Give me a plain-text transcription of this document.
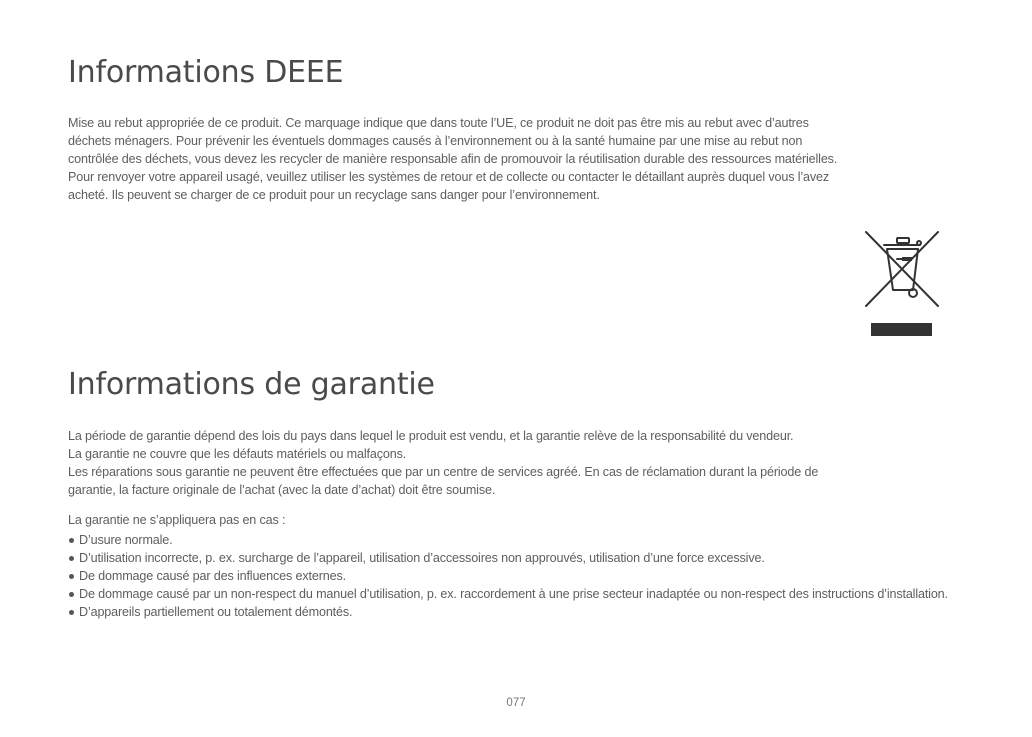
Informations DEEE

Mise au rebut appropriée de ce produit. Ce marquage indique que dans toute l’UE, ce produit ne doit pas être mis au rebut avec d’autres
déchets ménagers. Pour prévenir les éventuels dommages causés à l’environnement ou à la santé humaine par une mise au rebut non
contrôlée des déchets, vous devez les recycler de manière responsable afin de promouvoir la réutilisation durable des ressources matérielles.
Pour renvoyer votre appareil usagé, veuillez utiliser les systèmes de retour et de collecte ou contacter le détaillant auprès duquel vous l’avez
acheté. Ils peuvent se charger de ce produit pour un recyclage sans danger pour l’environnement.

Informations de garantie

La période de garantie dépend des lois du pays dans lequel le produit est vendu, et la garantie relève de la responsabilité du vendeur.
La garantie ne couvre que les défauts matériels ou malfaçons.
Les réparations sous garantie ne peuvent être effectuées que par un centre de services agréé. En cas de réclamation durant la période de
garantie, la facture originale de l’achat (avec la date d’achat) doit être soumise.

La garantie ne s’appliquera pas en cas :

D’usure normale.
D’utilisation incorrecte, p. ex. surcharge de l’appareil, utilisation d’accessoires non approuvés, utilisation d’une force excessive.
De dommage causé par des influences externes.
De dommage causé par un non-respect du manuel d’utilisation, p. ex. raccordement à une prise secteur inadaptée ou non-respect des instructions d’installation.
D’appareils partiellement ou totalement démontés.
077
